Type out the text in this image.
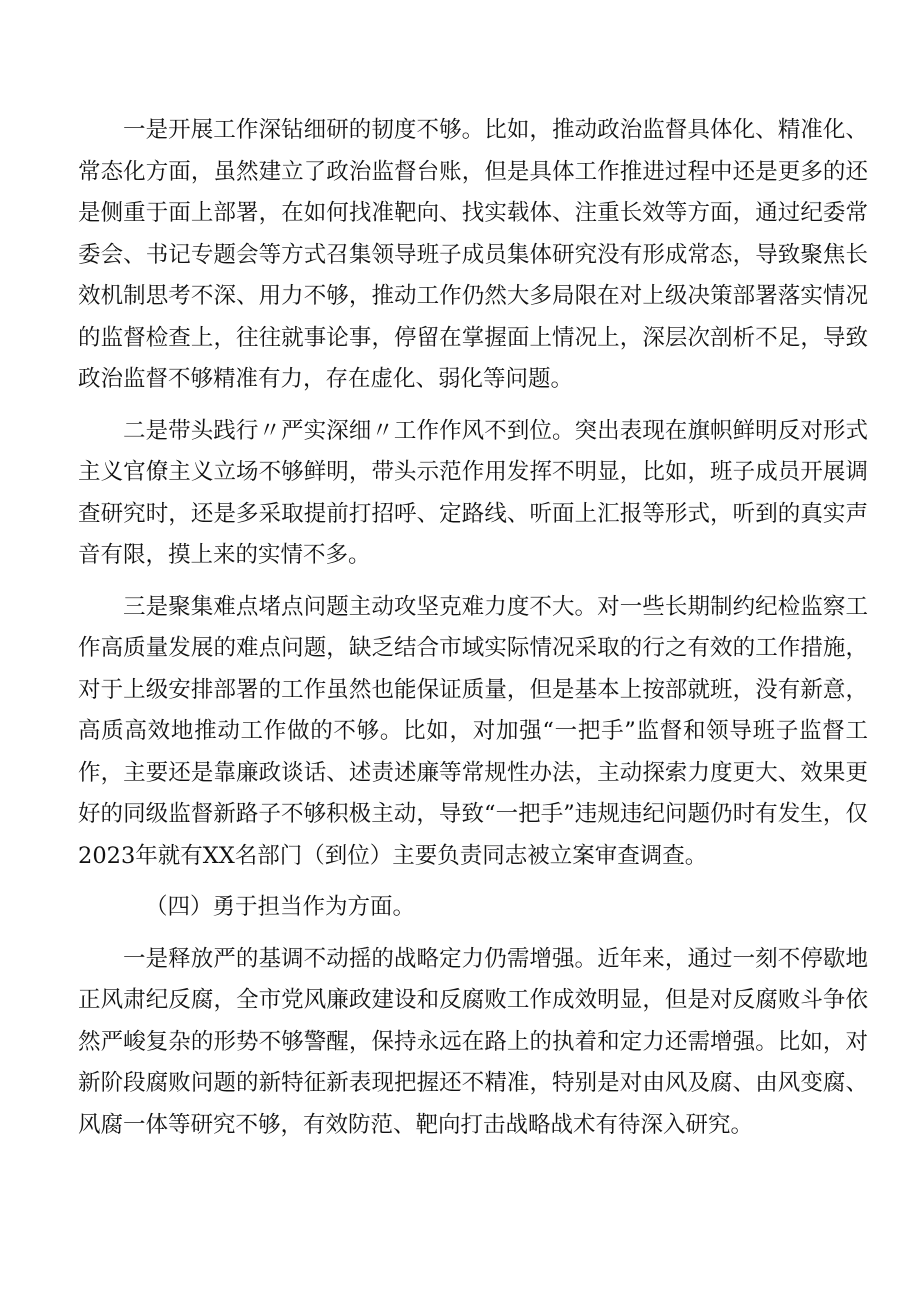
一是开展工作深钻细研的韧度不够。比如，推动政治监督具体化、精准化、常态化方面，虽然建立了政治监督台账，但是具体工作推进过程中还是更多的还是侧重于面上部署，在如何找准靶向、找实载体、注重长效等方面，通过纪委常委会、书记专题会等方式召集领导班子成员集体研究没有形成常态，导致聚焦长效机制思考不深、用力不够，推动工作仍然大多局限在对上级决策部署落实情况的监督检查上，往往就事论事，停留在掌握面上情况上，深层次剖析不足，导致政治监督不够精准有力，存在虚化、弱化等问题。

二是带头践行〃严实深细〃工作作风不到位。突出表现在旗帜鲜明反对形式主义官僚主义立场不够鲜明，带头示范作用发挥不明显，比如，班子成员开展调查研究时，还是多采取提前打招呼、定路线、听面上汇报等形式，听到的真实声音有限，摸上来的实情不多。

三是聚集难点堵点问题主动攻坚克难力度不大。对一些长期制约纪检监察工作高质量发展的难点问题，缺乏结合市域实际情况采取的行之有效的工作措施，对于上级安排部署的工作虽然也能保证质量，但是基本上按部就班，没有新意，高质高效地推动工作做的不够。比如，对加强“一把手”监督和领导班子监督工作，主要还是靠廉政谈话、述责述廉等常规性办法，主动探索力度更大、效果更好的同级监督新路子不够积极主动，导致“一把手”违规违纪问题仍时有发生，仅2023年就有XX名部门（到位）主要负责同志被立案审查调查。

（四）勇于担当作为方面。

一是释放严的基调不动摇的战略定力仍需增强。近年来，通过一刻不停歇地正风肃纪反腐，全市党风廉政建设和反腐败工作成效明显，但是对反腐败斗争依然严峻复杂的形势不够警醒，保持永远在路上的执着和定力还需增强。比如，对新阶段腐败问题的新特征新表现把握还不精准，特别是对由风及腐、由风变腐、风腐一体等研究不够，有效防范、靶向打击战略战术有待深入研究。
